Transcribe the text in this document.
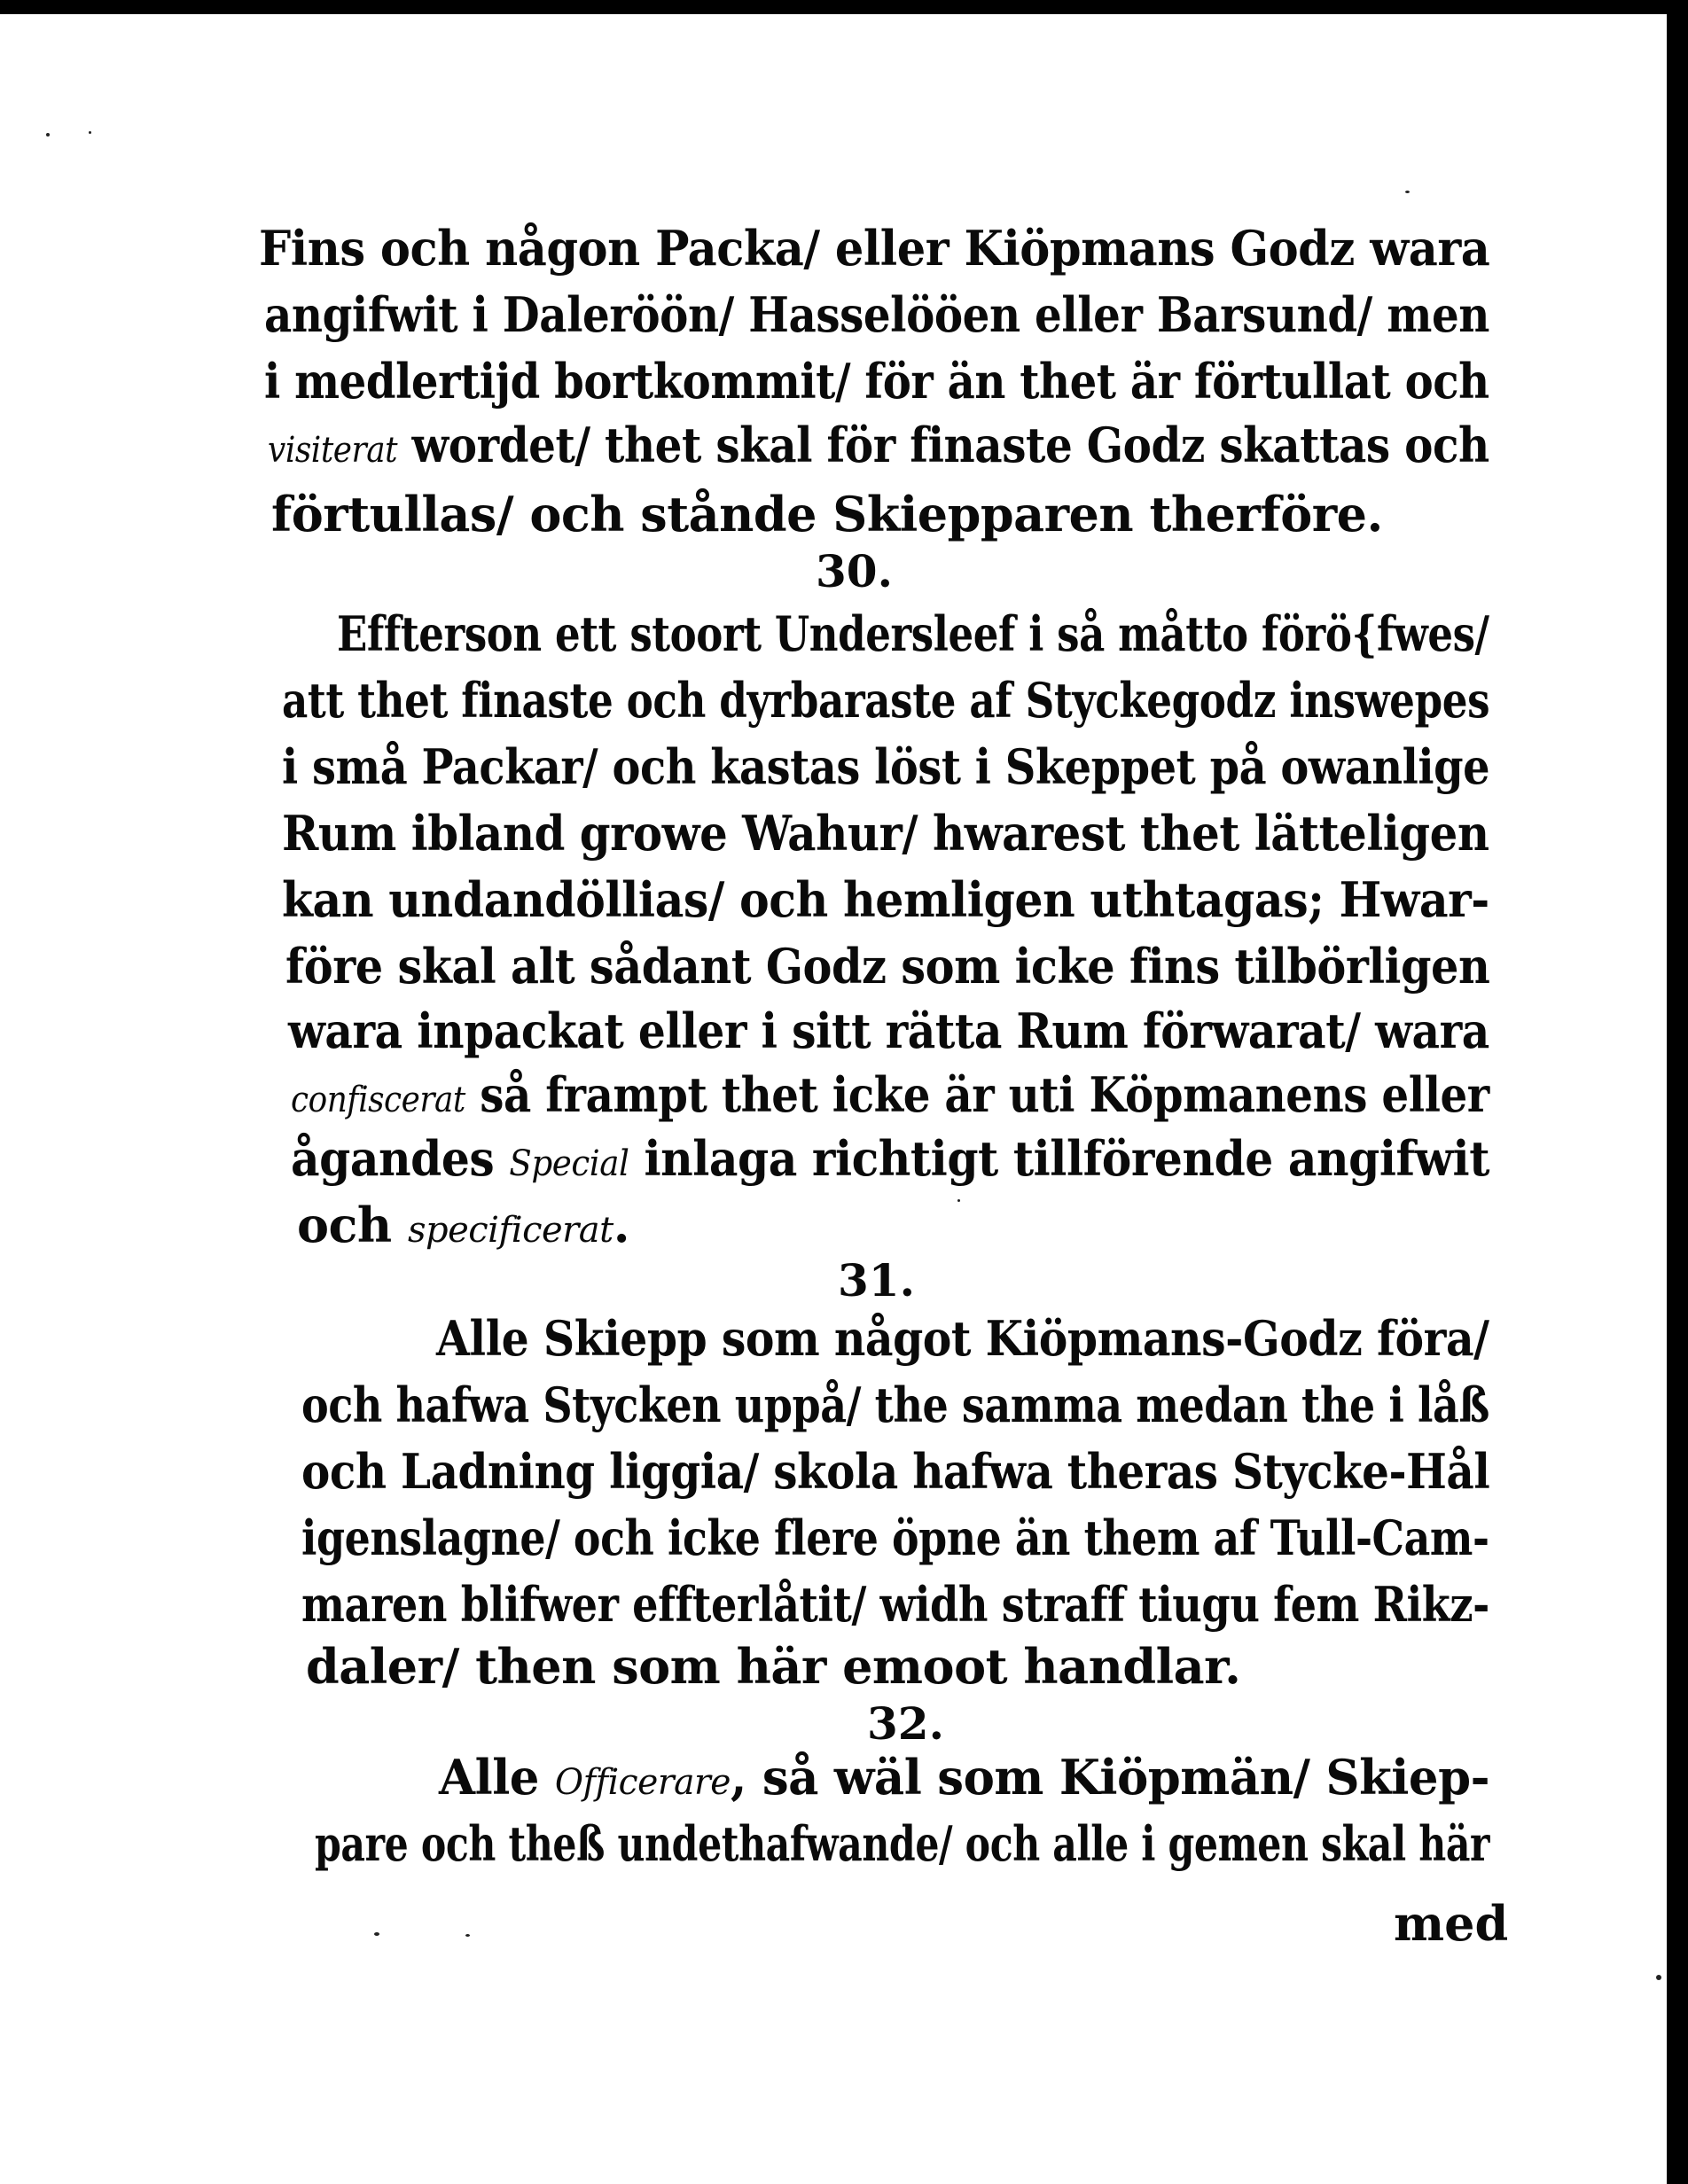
Fins och någon Packa/ eller Kiöpmans Godz wara
angifwit i Daleröön/ Hasselööen eller Barsund/ men
i medlertijd bortkommit/ för än thet är förtullat och
visiterat wordet/ thet skal för finaste Godz skattas och
förtullas/ och stånde Skiepparen therföre.
30.
Effterson ett stoort Undersleef i så måtto förö{fwes/
att thet finaste och dyrbaraste af Styckegodz inswepes
i små Packar/ och kastas löst i Skeppet på owanlige
Rum ibland growe Wahur/ hwarest thet lätteligen
kan undandöllias/ och hemligen uthtagas; Hwar-
före skal alt sådant Godz som icke fins tilbörligen
wara inpackat eller i sitt rätta Rum förwarat/ wara
confiscerat så frampt thet icke är uti Köpmanens eller
ågandes Special inlaga richtigt tillförende angifwit
och specificerat.
31.
Alle Skiepp som något Kiöpmans-Godz föra/
och hafwa Stycken uppå/ the samma medan the i låß
och Ladning liggia/ skola hafwa theras Stycke-Hål
igenslagne/ och icke flere öpne än them af Tull-Cam-
maren blifwer effterlåtit/ widh straff tiugu fem Rikz-
daler/ then som här emoot handlar.
32.
Alle Officerare, så wäl som Kiöpmän/ Skiep-
pare och theß undethafwande/ och alle i gemen skal här
med
